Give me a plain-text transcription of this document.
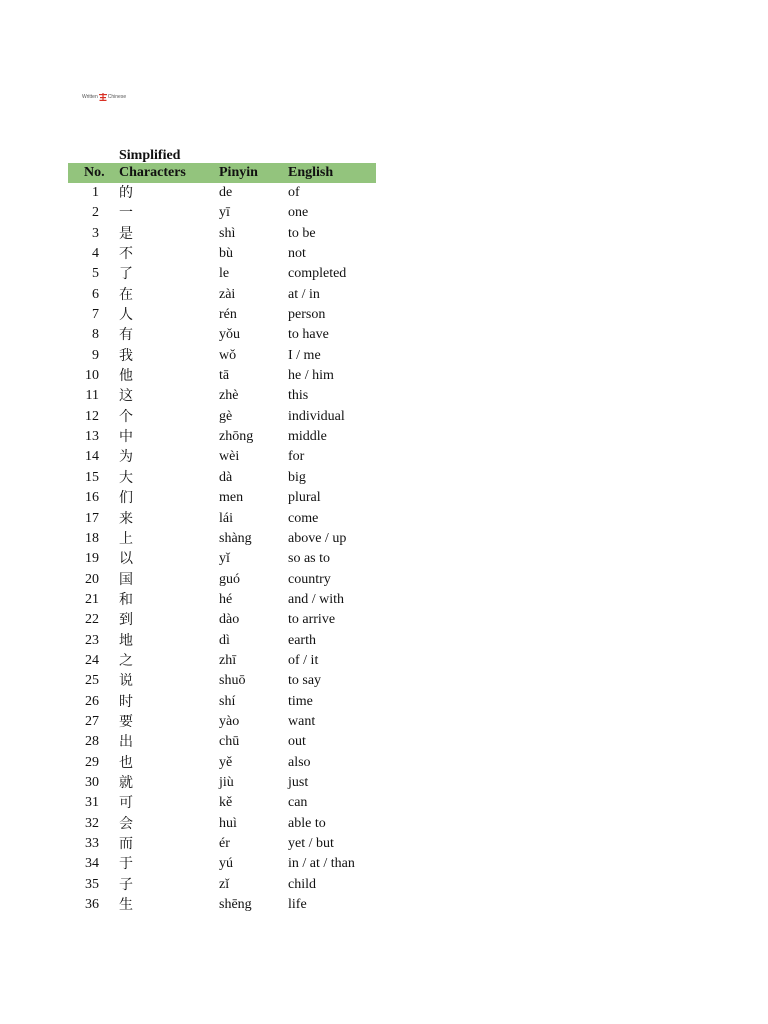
Written Chinese
Simplified
No. Characters Pinyin English
1 的	de	of
2 一	yī	one
3 是	shì	to be
4 不	bù	not
5 了	le	completed
6 在	zài	at / in
7 人	rén	person
8 有	yǒu	to have
9 我	wǒ	I / me
10 他	tā	he / him
11 这	zhè	this
12 个	gè	individual
13 中	zhōng middle
14 为	wèi	for
15 大	dà	big
16 们	men	plural
17 来	lái	come
18 上	shàng	above / up
19 以	yǐ	so as to
20 国	guó	country
21 和	hé	and / with
22 到	dào	to arrive
23 地	dì	earth
24 之	zhī	of / it
25 说	shuō	to say
26 时	shí	time
27 要	yào	want
28 出	chū	out
29 也	yě	also
30 就	jiù	just
31 可	kě	can
32 会	huì	able to
33 而	ér	yet / but
34 于	yú	in / at / than
35 子	zǐ	child
36 生	shēng	life
